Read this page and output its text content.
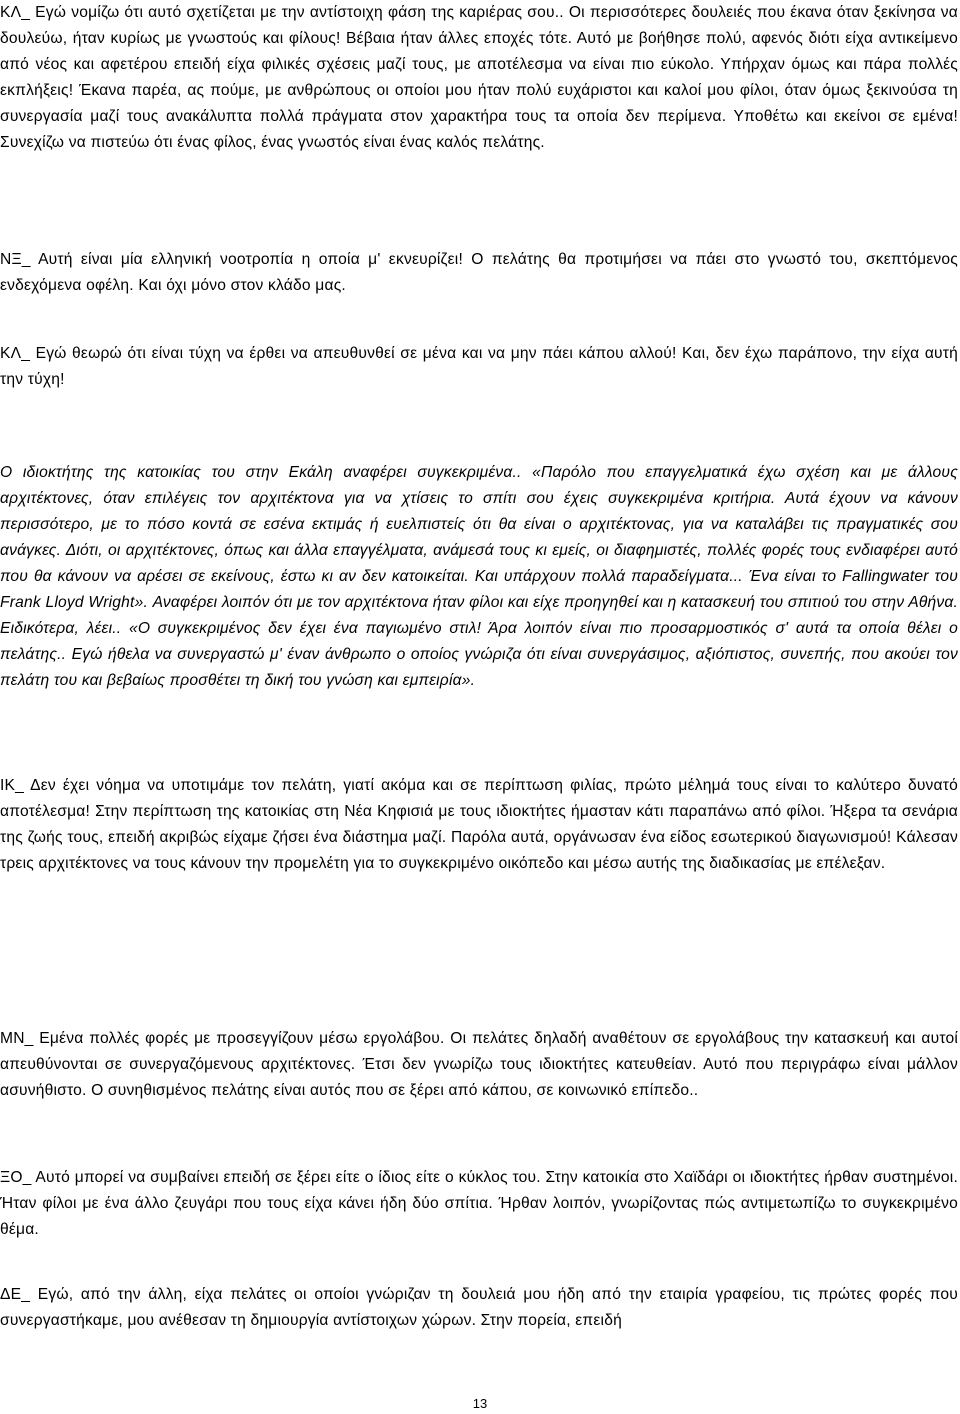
ΚΛ_ Εγώ νομίζω ότι αυτό σχετίζεται με την αντίστοιχη φάση της καριέρας σου.. Οι περισσότερες δουλειές που έκανα όταν ξεκίνησα να δουλεύω, ήταν κυρίως με γνωστούς και φίλους! Βέβαια ήταν άλλες εποχές τότε. Αυτό με βοήθησε πολύ, αφενός διότι είχα αντικείμενο από νέος και αφετέρου επειδή είχα φιλικές σχέσεις μαζί τους, με αποτέλεσμα να είναι πιο εύκολο. Υπήρχαν όμως και πάρα πολλές εκπλήξεις! Έκανα παρέα, ας πούμε, με ανθρώπους οι οποίοι μου ήταν πολύ ευχάριστοι και καλοί μου φίλοι, όταν όμως ξεκινούσα τη συνεργασία μαζί τους ανακάλυπτα πολλά πράγματα στον χαρακτήρα τους τα οποία δεν περίμενα. Υποθέτω και εκείνοι σε εμένα! Συνεχίζω να πιστεύω ότι ένας φίλος, ένας γνωστός είναι ένας καλός πελάτης.

ΝΞ_ Αυτή είναι μία ελληνική νοοτροπία η οποία μ' εκνευρίζει! Ο πελάτης θα προτιμήσει να πάει στο γνωστό του, σκεπτόμενος ενδεχόμενα οφέλη. Και όχι μόνο στον κλάδο μας.

ΚΛ_ Εγώ θεωρώ ότι είναι τύχη να έρθει να απευθυνθεί σε μένα και να μην πάει κάπου αλλού! Και, δεν έχω παράπονο, την είχα αυτή την τύχη!

Ο ιδιοκτήτης της κατοικίας του στην Εκάλη αναφέρει συγκεκριμένα.. «Παρόλο που επαγγελματικά έχω σχέση και με άλλους αρχιτέκτονες, όταν επιλέγεις τον αρχιτέκτονα για να χτίσεις το σπίτι σου έχεις συγκεκριμένα κριτήρια. Αυτά έχουν να κάνουν περισσότερο, με το πόσο κοντά σε εσένα εκτιμάς ή ευελπιστείς ότι θα είναι ο αρχιτέκτονας, για να καταλάβει τις πραγματικές σου ανάγκες. Διότι, οι αρχιτέκτονες, όπως και άλλα επαγγέλματα, ανάμεσά τους κι εμείς, οι διαφημιστές, πολλές φορές τους ενδιαφέρει αυτό που θα κάνουν να αρέσει σε εκείνους, έστω κι αν δεν κατοικείται. Και υπάρχουν πολλά παραδείγματα... Ένα είναι το Fallingwater του Frank Lloyd Wright». Αναφέρει λοιπόν ότι με τον αρχιτέκτονα ήταν φίλοι και είχε προηγηθεί και η κατασκευή του σπιτιού του στην Αθήνα. Ειδικότερα, λέει.. «Ο συγκεκριμένος δεν έχει ένα παγιωμένο στιλ! Άρα λοιπόν είναι πιο προσαρμοστικός σ' αυτά τα οποία θέλει ο πελάτης.. Εγώ ήθελα να συνεργαστώ μ' έναν άνθρωπο ο οποίος γνώριζα ότι είναι συνεργάσιμος, αξιόπιστος, συνεπής, που ακούει τον πελάτη του και βεβαίως προσθέτει τη δική του γνώση και εμπειρία».

ΙΚ_ Δεν έχει νόημα να υποτιμάμε τον πελάτη, γιατί ακόμα και σε περίπτωση φιλίας, πρώτο μέλημά τους είναι το καλύτερο δυνατό αποτέλεσμα! Στην περίπτωση της κατοικίας στη Νέα Κηφισιά με τους ιδιοκτήτες ήμασταν κάτι παραπάνω από φίλοι. Ήξερα τα σενάρια της ζωής τους, επειδή ακριβώς είχαμε ζήσει ένα διάστημα μαζί. Παρόλα αυτά, οργάνωσαν ένα είδος εσωτερικού διαγωνισμού! Κάλεσαν τρεις αρχιτέκτονες να τους κάνουν την προμελέτη για το συγκεκριμένο οικόπεδο και μέσω αυτής της διαδικασίας με επέλεξαν.

ΜΝ_ Εμένα πολλές φορές με προσεγγίζουν μέσω εργολάβου. Οι πελάτες δηλαδή αναθέτουν σε εργολάβους την κατασκευή και αυτοί απευθύνονται σε συνεργαζόμενους αρχιτέκτονες. Έτσι δεν γνωρίζω τους ιδιοκτήτες κατευθείαν. Αυτό που περιγράφω είναι μάλλον ασυνήθιστο. Ο συνηθισμένος πελάτης είναι αυτός που σε ξέρει από κάπου, σε κοινωνικό επίπεδο..

ΞΟ_ Αυτό μπορεί να συμβαίνει επειδή σε ξέρει είτε ο ίδιος είτε ο κύκλος του. Στην κατοικία στο Χαϊδάρι οι ιδιοκτήτες ήρθαν συστημένοι. Ήταν φίλοι με ένα άλλο ζευγάρι που τους είχα κάνει ήδη δύο σπίτια. Ήρθαν λοιπόν, γνωρίζοντας πώς αντιμετωπίζω το συγκεκριμένο θέμα.

ΔΕ_ Εγώ, από την άλλη, είχα πελάτες οι οποίοι γνώριζαν τη δουλειά μου ήδη από την εταιρία γραφείου, τις πρώτες φορές που συνεργαστήκαμε, μου ανέθεσαν τη δημιουργία αντίστοιχων χώρων. Στην πορεία, επειδή

13
